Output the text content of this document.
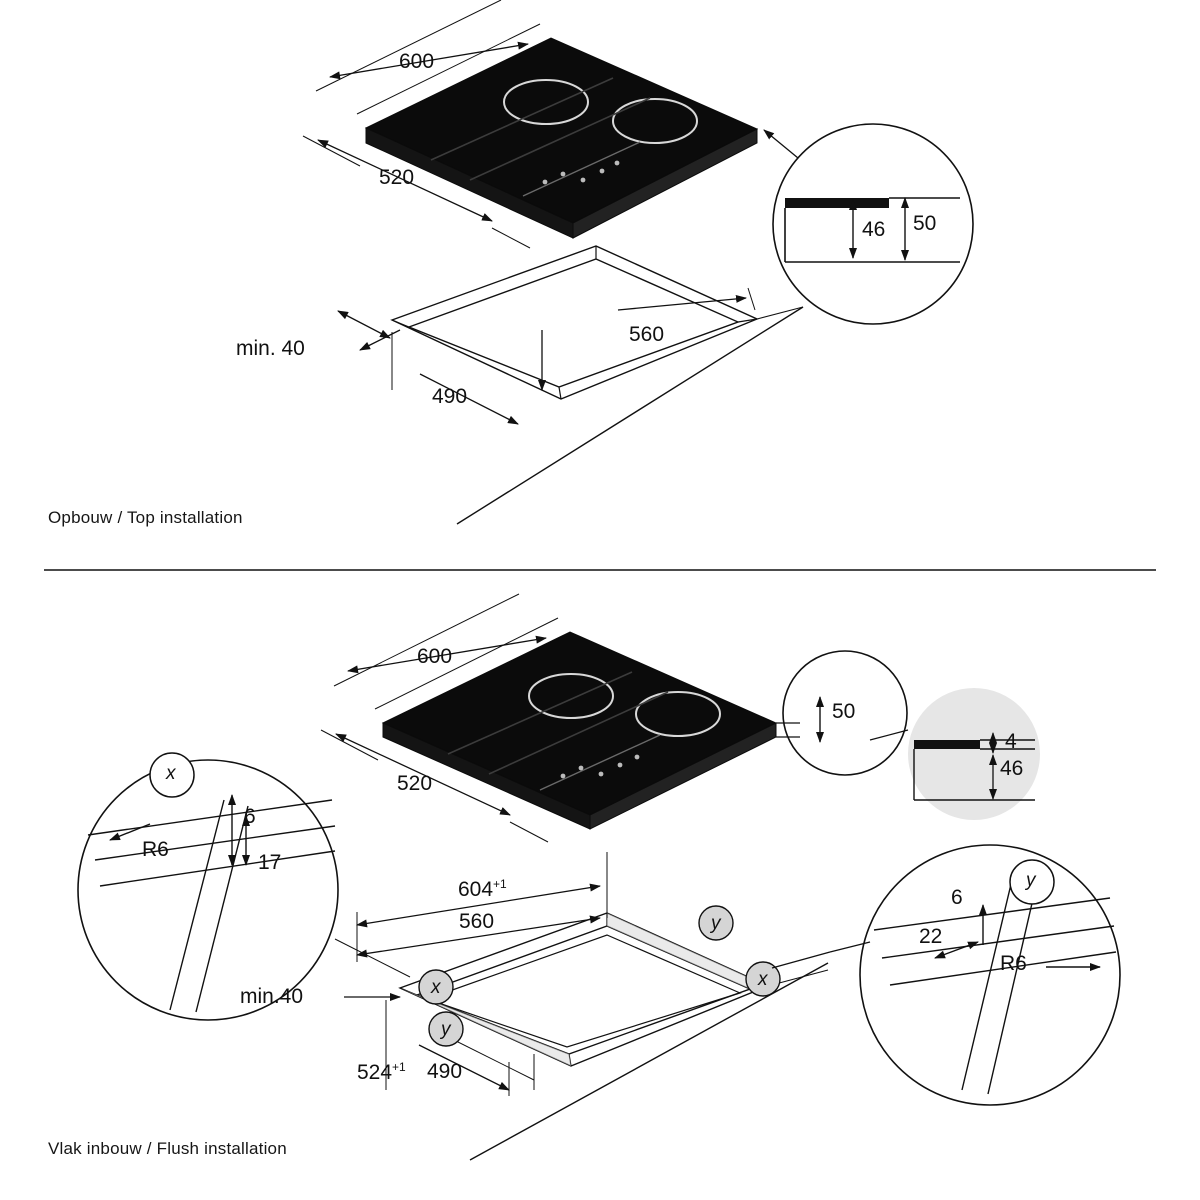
600
520
min. 40
560
490
46 50
600
520
50
$604^{+1}$
560
min.40
$524^{+1}$ 490
4
46
x
6
17
R6
y
6
22
R6
x	x
y
y
Opbouw / Top installation
Vlak inbouw / Flush installation
